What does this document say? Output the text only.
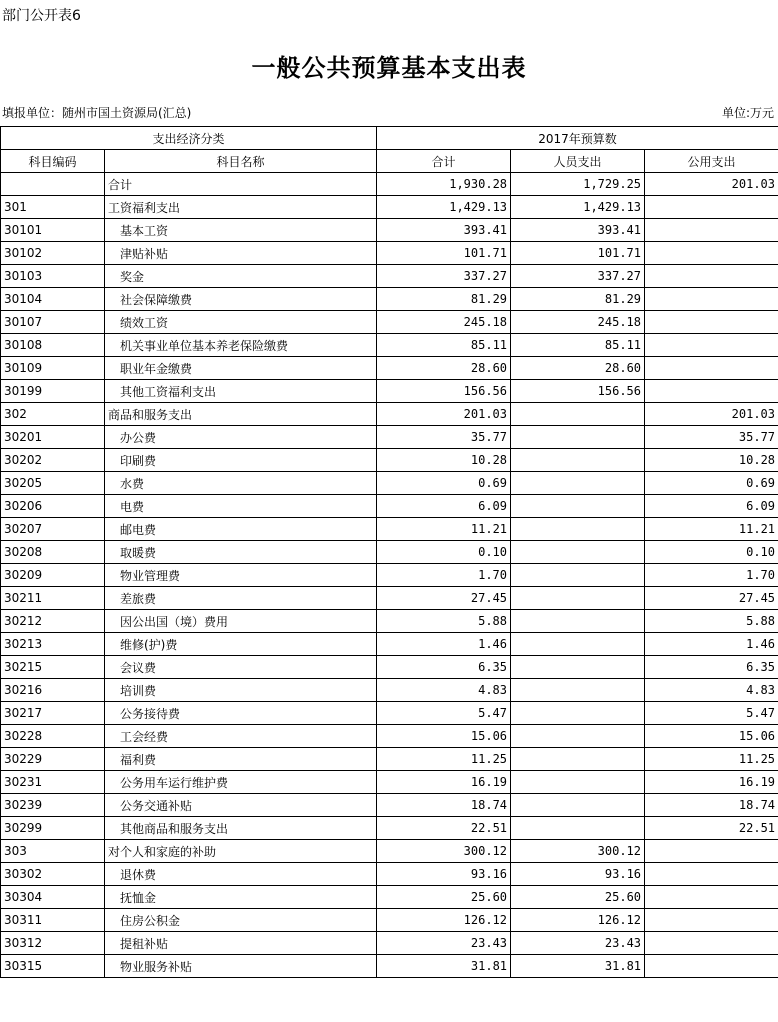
部门公开表6
一般公共预算基本支出表
填报单位：随州市国土资源局(汇总)	单位:万元
支出经济分类		2017年预算数		
科目编码	科目名称	合计	人员支出	公用支出
	合计	1,930.28	1,729.25	201.03
301	工资福利支出	1,429.13	1,429.13	
30101	基本工资	393.41	393.41	
30102	津贴补贴	101.71	101.71	
30103	奖金	337.27	337.27	
30104	社会保障缴费	81.29	81.29	
30107	绩效工资	245.18	245.18	
30108	机关事业单位基本养老保险缴费	85.11	85.11	
30109	职业年金缴费	28.60	28.60	
30199	其他工资福利支出	156.56	156.56	
302	商品和服务支出	201.03		201.03
30201	办公费	35.77		35.77
30202	印刷费	10.28		10.28
30205	水费	0.69		0.69
30206	电费	6.09		6.09
30207	邮电费	11.21		11.21
30208	取暖费	0.10		0.10
30209	物业管理费	1.70		1.70
30211	差旅费	27.45		27.45
30212	因公出国（境）费用	5.88		5.88
30213	维修(护)费	1.46		1.46
30215	会议费	6.35		6.35
30216	培训费	4.83		4.83
30217	公务接待费	5.47		5.47
30228	工会经费	15.06		15.06
30229	福利费	11.25		11.25
30231	公务用车运行维护费	16.19		16.19
30239	公务交通补贴	18.74		18.74
30299	其他商品和服务支出	22.51		22.51
303	对个人和家庭的补助	300.12	300.12	
30302	退休费	93.16	93.16	
30304	抚恤金	25.60	25.60	
30311	住房公积金	126.12	126.12	
30312	提租补贴	23.43	23.43	
30315	物业服务补贴	31.81	31.81	
